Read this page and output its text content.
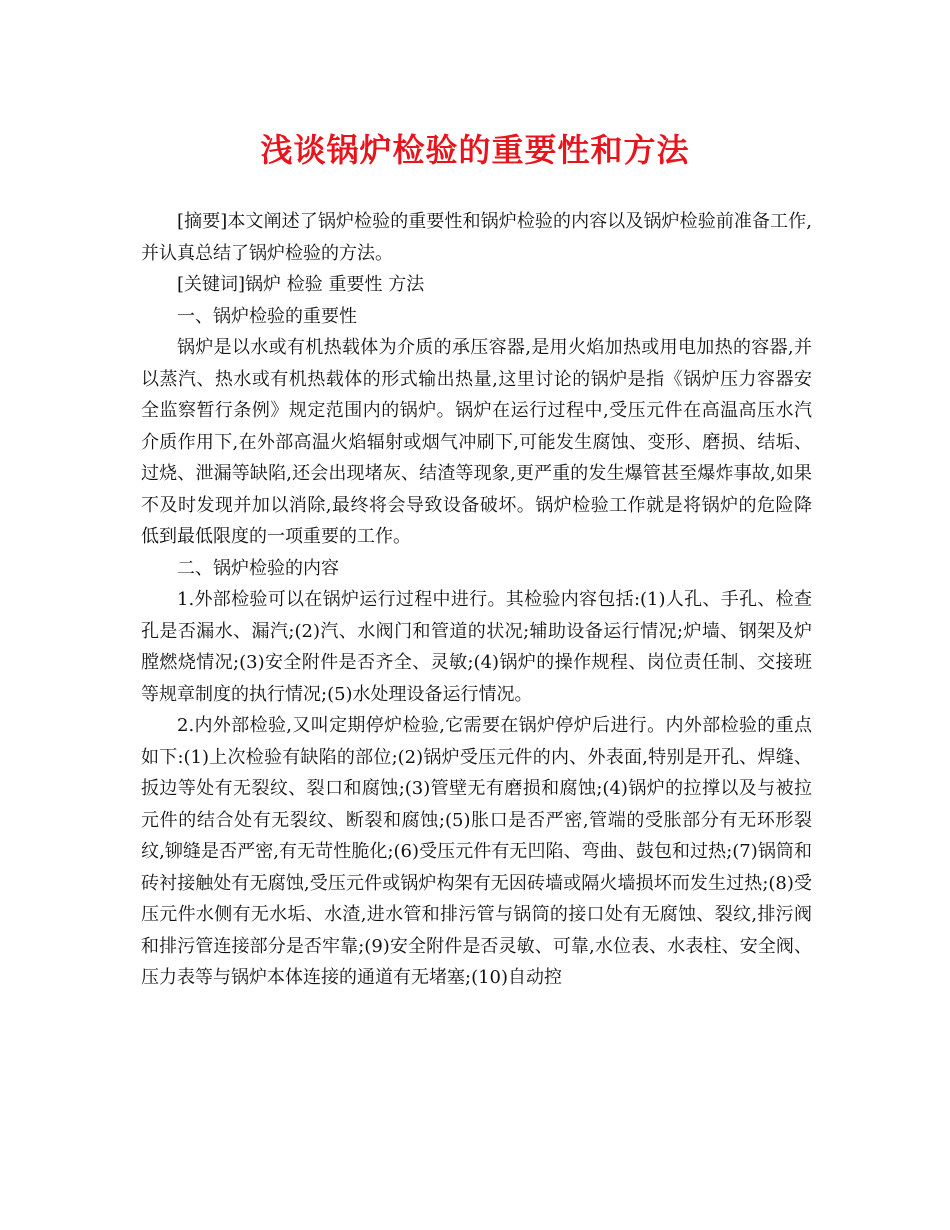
浅谈锅炉检验的重要性和方法

[摘要]本文阐述了锅炉检验的重要性和锅炉检验的内容以及锅炉检验前准备工作,并认真总结了锅炉检验的方法。

[关键词]锅炉 检验 重要性 方法

一、锅炉检验的重要性

锅炉是以水或有机热载体为介质的承压容器,是用火焰加热或用电加热的容器,并以蒸汽、热水或有机热载体的形式输出热量,这里讨论的锅炉是指《锅炉压力容器安全监察暂行条例》规定范围内的锅炉。锅炉在运行过程中,受压元件在高温高压水汽介质作用下,在外部高温火焰辐射或烟气冲刷下,可能发生腐蚀、变形、磨损、结垢、过烧、泄漏等缺陷,还会出现堵灰、结渣等现象,更严重的发生爆管甚至爆炸事故,如果不及时发现并加以消除,最终将会导致设备破坏。锅炉检验工作就是将锅炉的危险降低到最低限度的一项重要的工作。

二、锅炉检验的内容

1.外部检验可以在锅炉运行过程中进行。其检验内容包括:(1)人孔、手孔、检查孔是否漏水、漏汽;(2)汽、水阀门和管道的状况;辅助设备运行情况;炉墙、钢架及炉膛燃烧情况;(3)安全附件是否齐全、灵敏;(4)锅炉的操作规程、岗位责任制、交接班等规章制度的执行情况;(5)水处理设备运行情况。

2.内外部检验,又叫定期停炉检验,它需要在锅炉停炉后进行。内外部检验的重点如下:(1)上次检验有缺陷的部位;(2)锅炉受压元件的内、外表面,特别是开孔、焊缝、扳边等处有无裂纹、裂口和腐蚀;(3)管壁无有磨损和腐蚀;(4)锅炉的拉撑以及与被拉元件的结合处有无裂纹、断裂和腐蚀;(5)胀口是否严密,管端的受胀部分有无环形裂纹,铆缝是否严密,有无苛性脆化;(6)受压元件有无凹陷、弯曲、鼓包和过热;(7)锅筒和砖衬接触处有无腐蚀,受压元件或锅炉构架有无因砖墙或隔火墙损坏而发生过热;(8)受压元件水侧有无水垢、水渣,进水管和排污管与锅筒的接口处有无腐蚀、裂纹,排污阀和排污管连接部分是否牢靠;(9)安全附件是否灵敏、可靠,水位表、水表柱、安全阀、压力表等与锅炉本体连接的通道有无堵塞;(10)自动控
